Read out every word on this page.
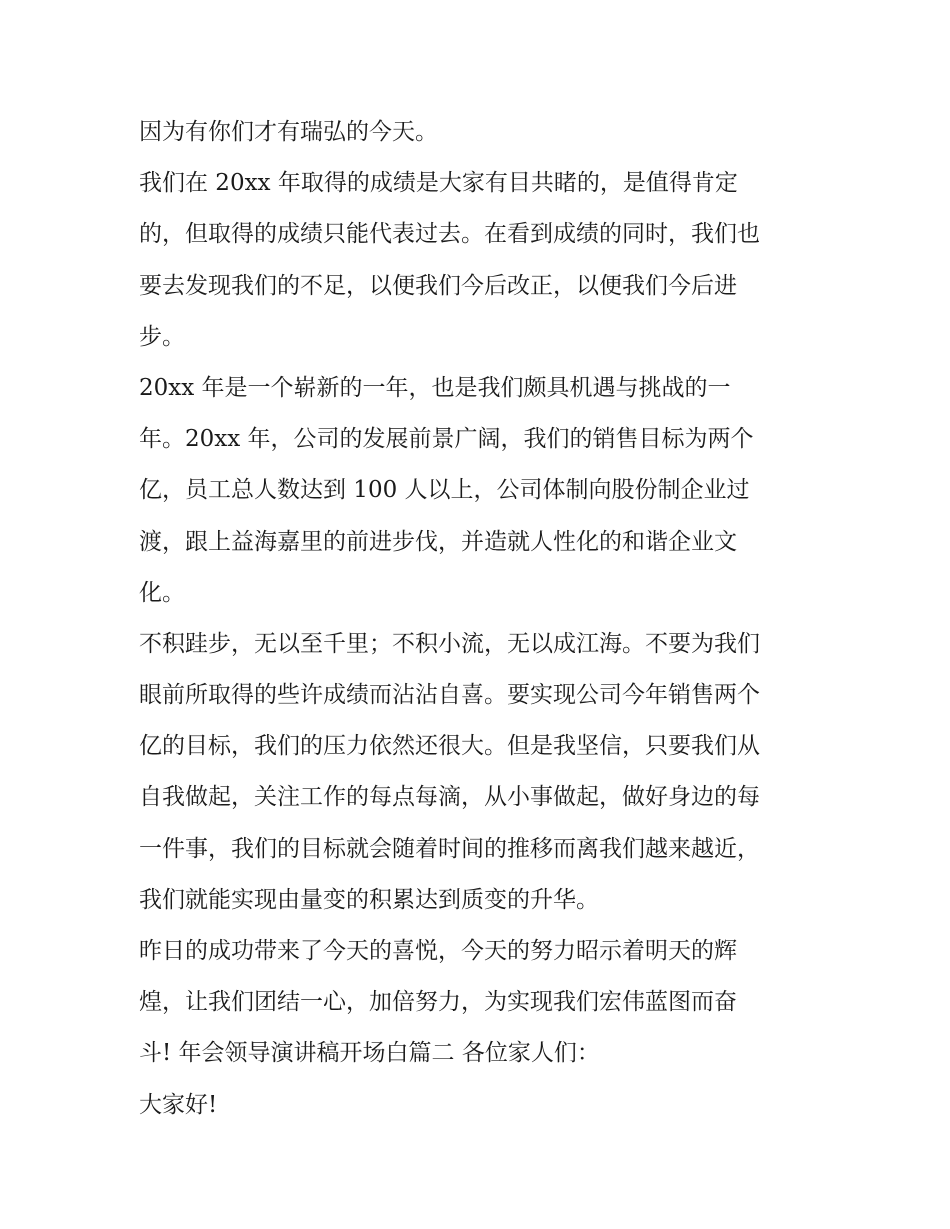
因为有你们才有瑞弘的今天。
我们在 20xx 年取得的成绩是大家有目共睹的，是值得肯定
的，但取得的成绩只能代表过去。在看到成绩的同时，我们也
要去发现我们的不足，以便我们今后改正，以便我们今后进
步。
20xx 年是一个崭新的一年，也是我们颇具机遇与挑战的一
年。20xx 年，公司的发展前景广阔，我们的销售目标为两个
亿，员工总人数达到 100 人以上，公司体制向股份制企业过
渡，跟上益海嘉里的前进步伐，并造就人性化的和谐企业文
化。
不积跬步，无以至千里；不积小流，无以成江海。不要为我们
眼前所取得的些许成绩而沾沾自喜。要实现公司今年销售两个
亿的目标，我们的压力依然还很大。但是我坚信，只要我们从
自我做起，关注工作的每点每滴，从小事做起，做好身边的每
一件事，我们的目标就会随着时间的推移而离我们越来越近，
我们就能实现由量变的积累达到质变的升华。
昨日的成功带来了今天的喜悦，今天的努力昭示着明天的辉
煌，让我们团结一心，加倍努力，为实现我们宏伟蓝图而奋
斗! 年会领导演讲稿开场白篇二 各位家人们：
大家好!
